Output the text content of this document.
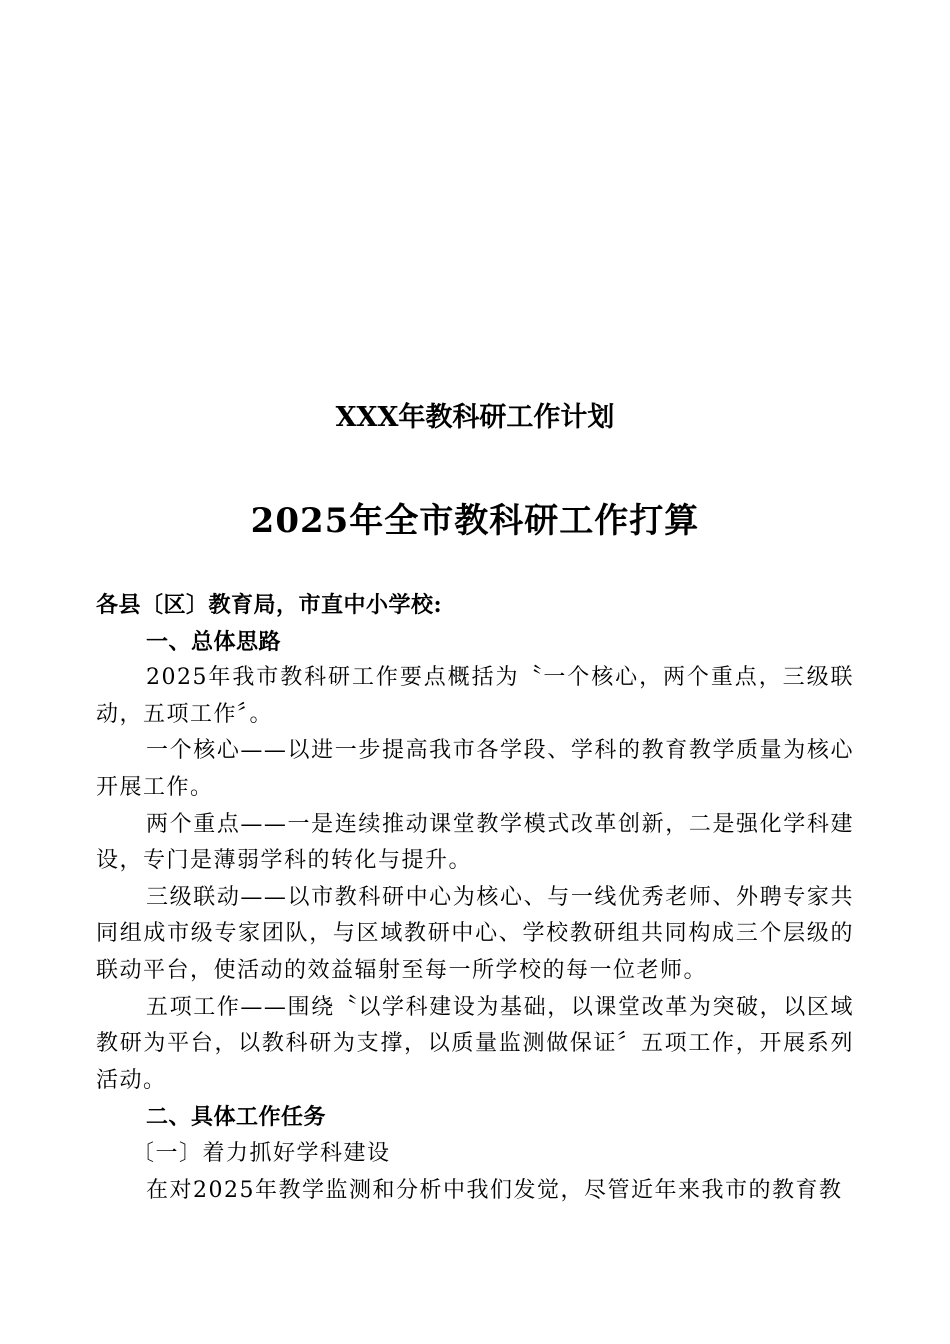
XXX年教科研工作计划
2025年全市教科研工作打算

各县〔区〕教育局，市直中小学校:

一、总体思路

2025年我市教科研工作要点概括为〝一个核心，两个重点，三级联动，五项工作〞。

一个核心——以进一步提高我市各学段、学科的教育教学质量为核心开展工作。

两个重点——一是连续推动课堂教学模式改革创新，二是强化学科建设，专门是薄弱学科的转化与提升。

三级联动——以市教科研中心为核心、与一线优秀老师、外聘专家共同组成市级专家团队，与区域教研中心、学校教研组共同构成三个层级的联动平台，使活动的效益辐射至每一所学校的每一位老师。

五项工作——围绕〝以学科建设为基础，以课堂改革为突破，以区域教研为平台，以教科研为支撑，以质量监测做保证〞五项工作，开展系列活动。

二、具体工作任务

〔一〕着力抓好学科建设

在对2025年教学监测和分析中我们发觉，尽管近年来我市的教育教
